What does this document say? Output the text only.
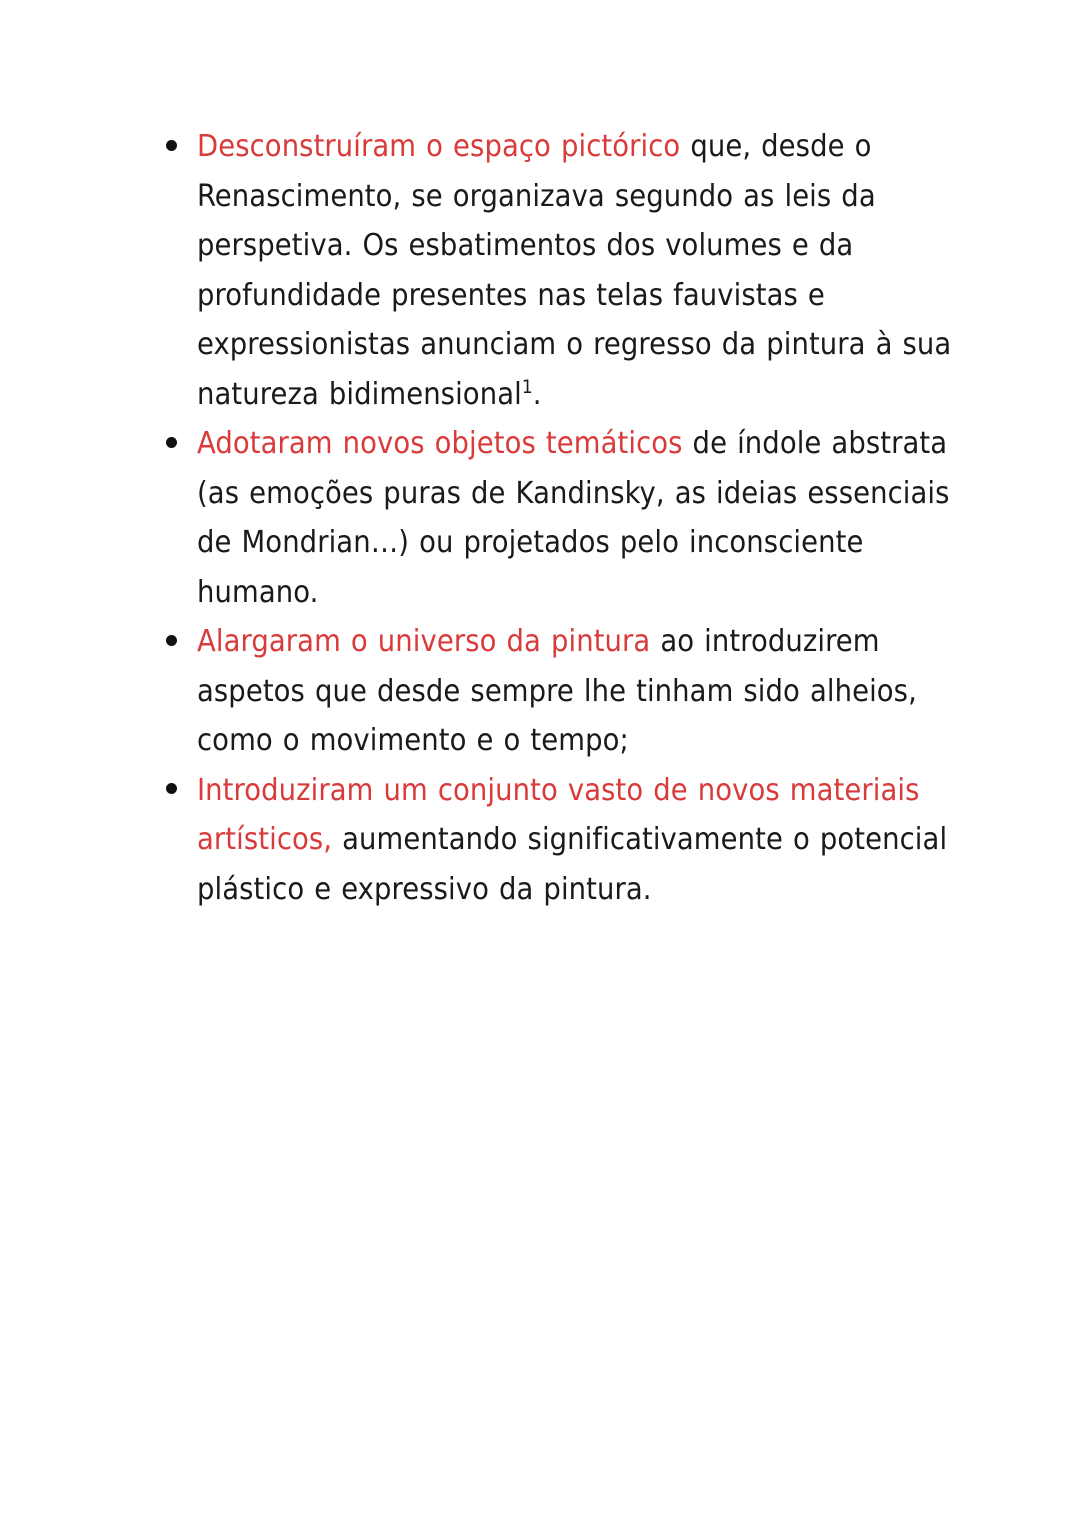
Desconstruíram o espaço pictórico que, desde o Renascimento, se organizava segundo as leis da perspetiva. Os esbatimentos dos volumes e da profundidade presentes nas telas fauvistas e expressionistas anunciam o regresso da pintura à sua natureza bidimensional$^1$.
Adotaram novos objetos temáticos de índole abstrata (as emoções puras de Kandinsky, as ideias essenciais de Mondrian…) ou projetados pelo inconsciente humano.
Alargaram o universo da pintura ao introduzirem aspetos que desde sempre lhe tinham sido alheios, como o movimento e o tempo;
Introduziram um conjunto vasto de novos materiais artísticos, aumentando significativamente o potencial plástico e expressivo da pintura.
